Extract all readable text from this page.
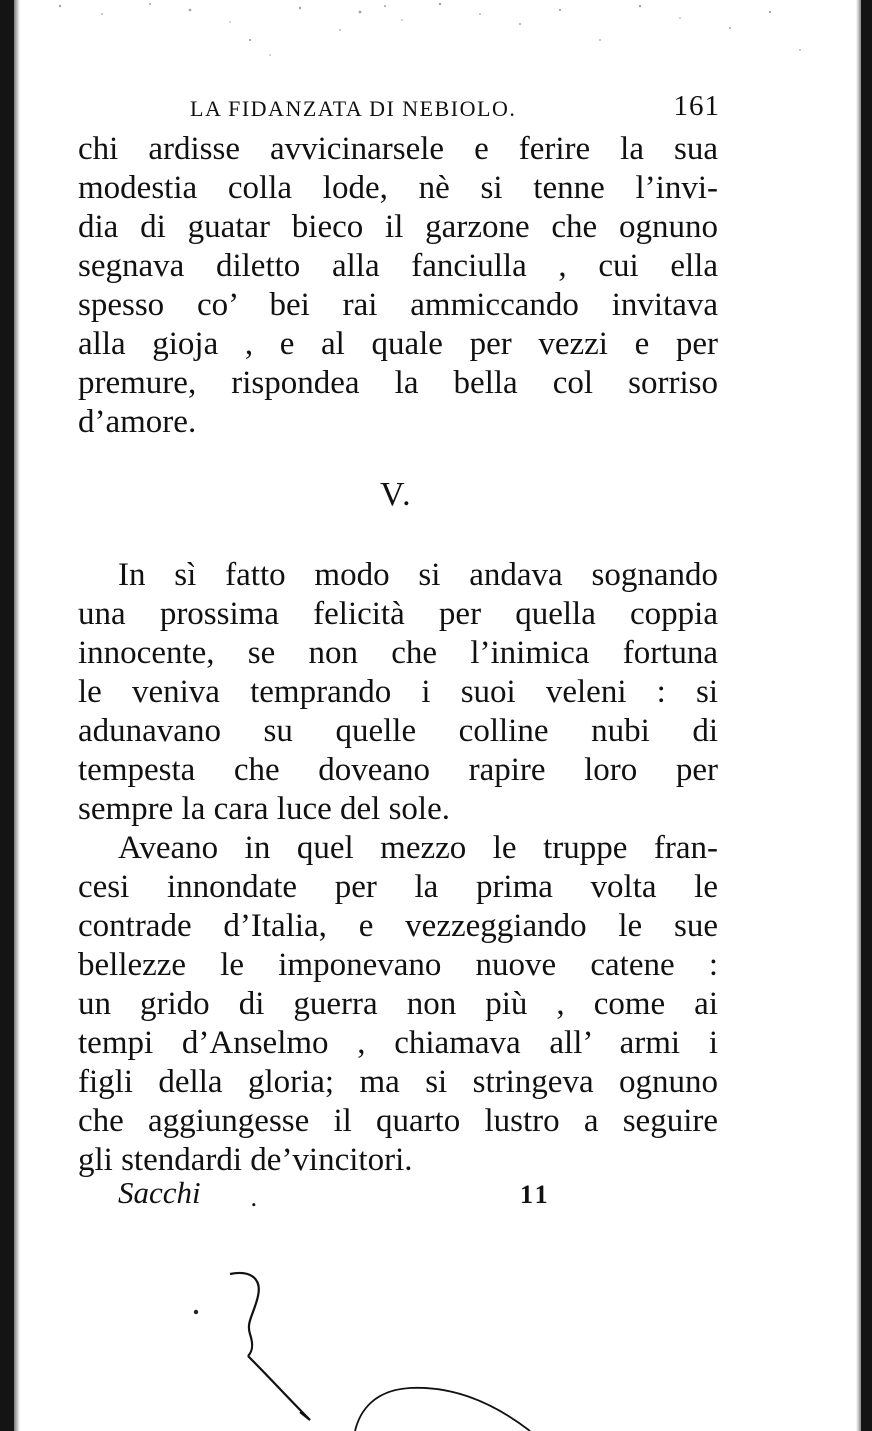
LA FIDANZATA DI NEBIOLO.	161
chi ardisse avvicinarsele e ferire la sua
modestia colla lode, nè si tenne l’invi-
dia di guatar bieco il garzone che ognuno
segnava diletto alla fanciulla , cui ella
spesso co’ bei rai ammiccando invitava
alla gioja , e al quale per vezzi e per
premure, rispondea la bella col sorriso
d’amore.
V.
In sì fatto modo si andava sognando
una prossima felicità per quella coppia
innocente, se non che l’inimica fortuna
le veniva temprando i suoi veleni : si
adunavano su quelle colline nubi di
tempesta che doveano rapire loro per
sempre la cara luce del sole.
Aveano in quel mezzo le truppe fran-
cesi innondate per la prima volta le
contrade d’Italia, e vezzeggiando le sue
bellezze le imponevano nuove catene :
un grido di guerra non più , come ai
tempi d’Anselmo , chiamava all’ armi i
figli della gloria; ma si stringeva ognuno
che aggiungesse il quarto lustro a seguire
gli stendardi de’vincitori.
Sacchi .	11
